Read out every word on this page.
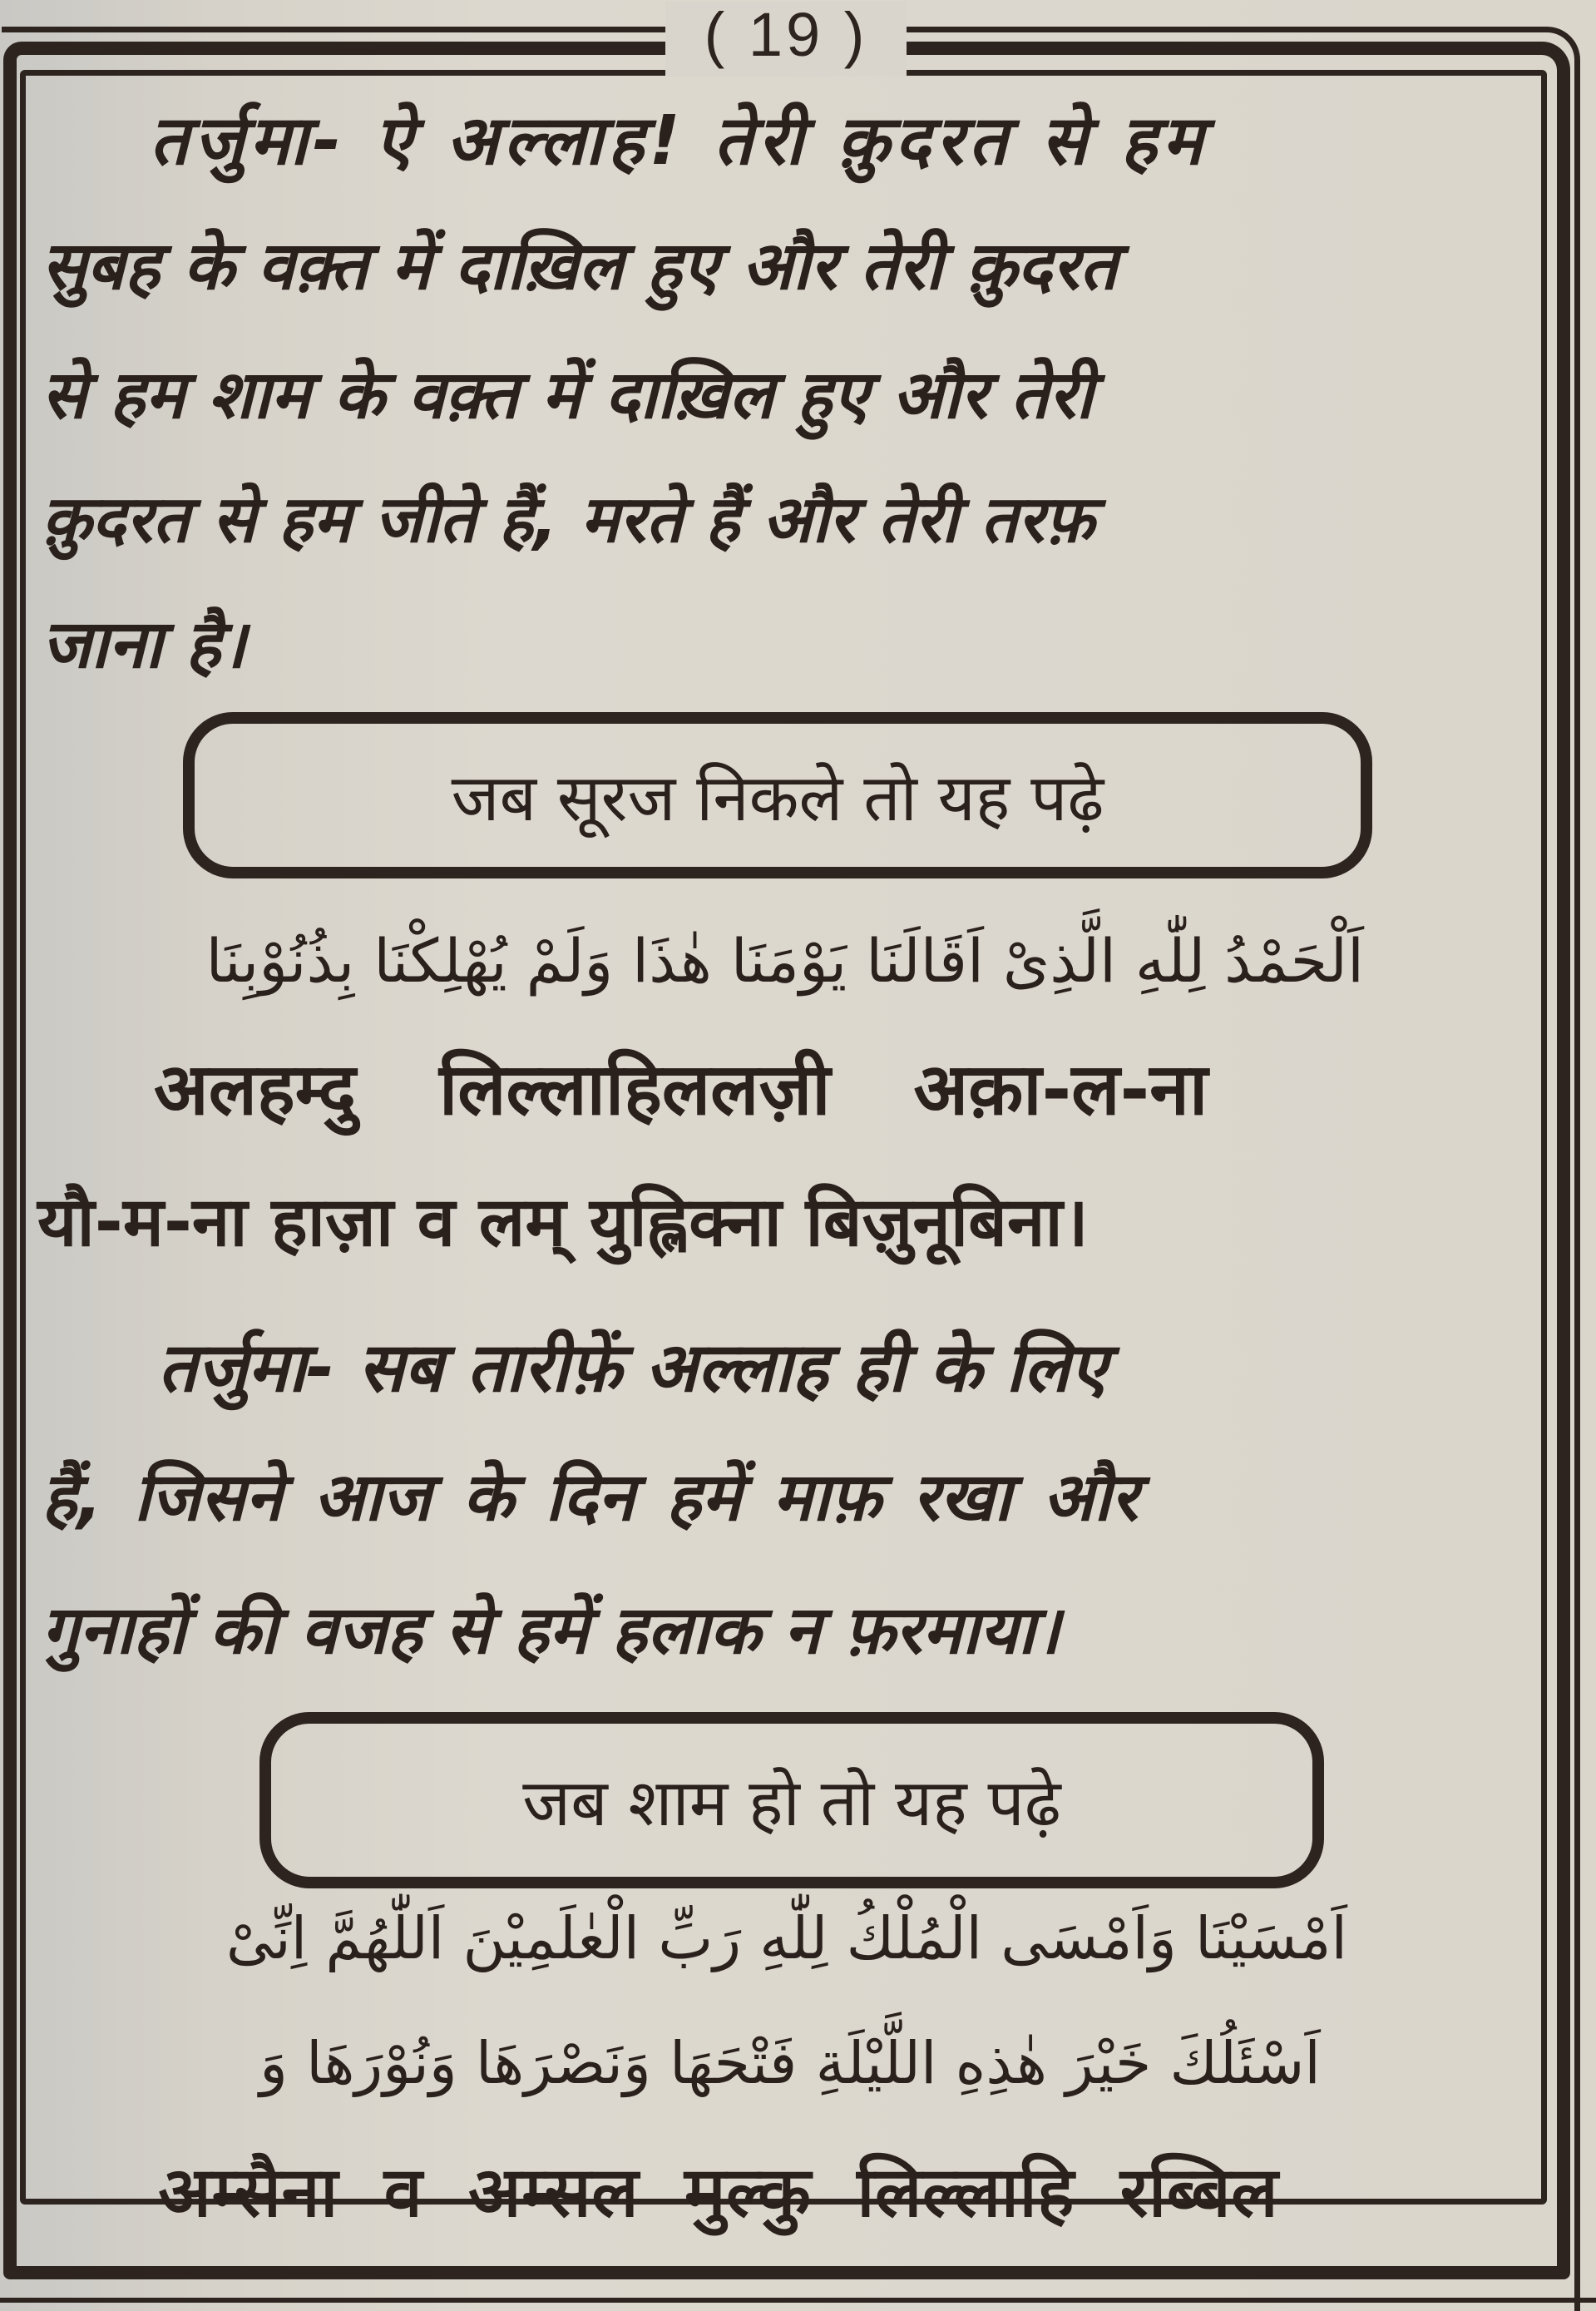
( 19 )
तर्जुमा- ऐ अल्लाह! तेरी क़ुदरत से हम
सुबह के वक़्त में दाख़िल हुए और तेरी क़ुदरत
से हम शाम के वक़्त में दाख़िल हुए और तेरी
क़ुदरत से हम जीते हैं, मरते हैं और तेरी तरफ़
जाना है।
जब सूरज निकले तो यह पढ़े
اَلْحَمْدُ لِلّٰهِ الَّذِیْ اَقَالَنَا يَوْمَنَا هٰذَا وَلَمْ يُهْلِكْنَا بِذُنُوْبِنَا
अलहम्दु लिल्लाहिललज़ी अक़ा-ल-ना
यौ-म-ना हाज़ा व लम् युह्लिक्ना बिज़ुनूबिना।
तर्जुमा- सब तारीफ़ें अल्लाह ही के लिए
हैं, जिसने आज के दिन हमें माफ़ रखा और
गुनाहों की वजह से हमें हलाक न फ़रमाया।
जब शाम हो तो यह पढ़े
اَمْسَيْنَا وَاَمْسَى الْمُلْكُ لِلّٰهِ رَبِّ الْعٰلَمِيْنَ اَللّٰهُمَّ اِنِّیْ
اَسْئَلُكَ خَيْرَ هٰذِهِ اللَّيْلَةِ فَتْحَهَا وَنَصْرَهَا وَنُوْرَهَا وَ
अम्सैना व अम्सल मुल्कु लिल्लाहि रब्बिल
